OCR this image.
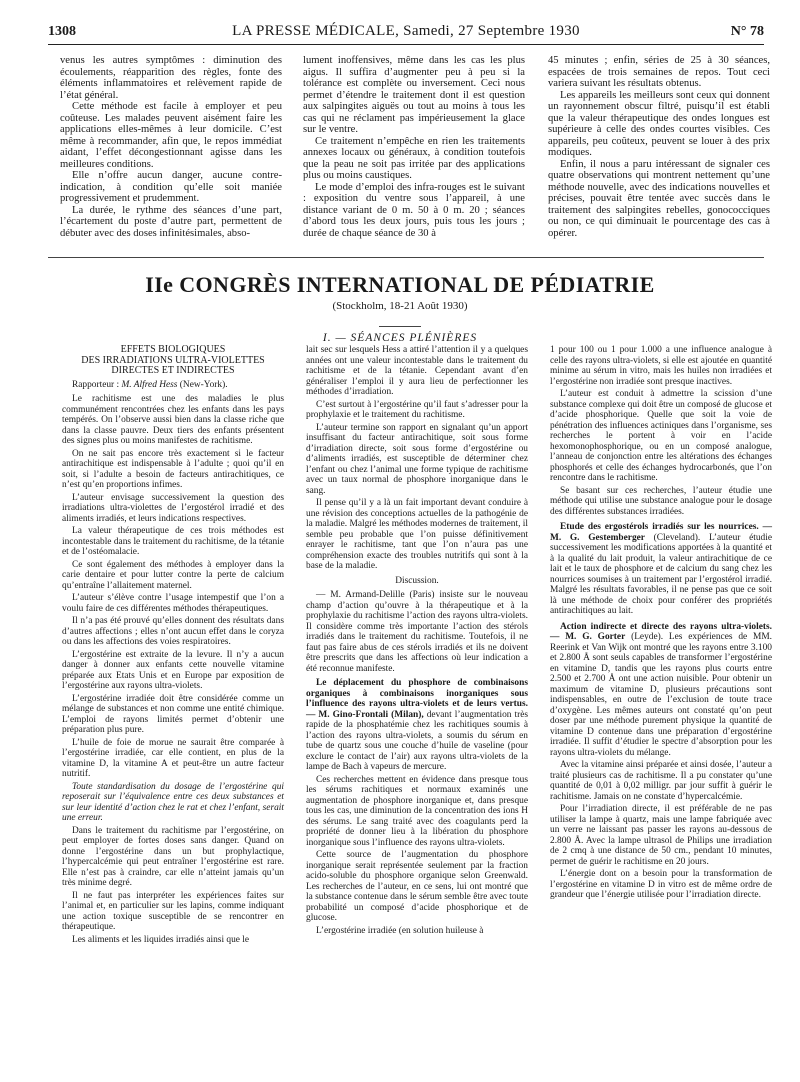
1308	LA PRESSE MÉDICALE, Samedi, 27 Septembre 1930	N° 78

venus les autres symptômes : diminution des écoulements, réapparition des règles, fonte des éléments inflammatoires et relèvement rapide de l’état général.

Cette méthode est facile à employer et peu coûteuse. Les malades peuvent aisément faire les applications elles-mêmes à leur domicile. C’est même à recommander, afin que, le repos immédiat aidant, l’effet décongestionnant agisse dans les meilleures conditions.

Elle n’offre aucun danger, aucune contre-indication, à condition qu’elle soit maniée progressivement et prudemment.

La durée, le rythme des séances d’une part, l’écartement du poste d’autre part, permettent de débuter avec des doses infinitésimales, abso-

lument inoffensives, même dans les cas les plus aigus. Il suffira d’augmenter peu à peu si la tolérance est complète ou inversement. Ceci nous permet d’étendre le traitement dont il est question aux salpingites aiguës ou tout au moins à tous les cas qui ne réclament pas impérieusement la glace sur le ventre.

Ce traitement n’empêche en rien les traitements annexes locaux ou généraux, à condition toutefois que la peau ne soit pas irritée par des applications plus ou moins caustiques.

Le mode d’emploi des infra-rouges est le suivant : exposition du ventre sous l’appareil, à une distance variant de 0 m. 50 à 0 m. 20 ; séances d’abord tous les deux jours, puis tous les jours ; durée de chaque séance de 30 à

45 minutes ; enfin, séries de 25 à 30 séances, espacées de trois semaines de repos. Tout ceci variera suivant les résultats obtenus.

Les appareils les meilleurs sont ceux qui donnent un rayonnement obscur filtré, puisqu’il est établi que la valeur thérapeutique des ondes longues est supérieure à celle des ondes courtes visibles. Ces appareils, peu coûteux, peuvent se louer à des prix modiques.

Enfin, il nous a paru intéressant de signaler ces quatre observations qui montrent nettement qu’une méthode nouvelle, avec des indications nouvelles et précises, pouvait être tentée avec succès dans le traitement des salpingites rebelles, gonococciques ou non, ce qui diminuait le pourcentage des cas à opérer.

IIe CONGRÈS INTERNATIONAL DE PÉDIATRIE
(Stockholm, 18-21 Août 1930)
I. — SÉANCES PLÉNIÈRES

EFFETS BIOLOGIQUES

DES IRRADIATIONS ULTRA-VIOLETTES

DIRECTES ET INDIRECTES

Rapporteur : M. Alfred Hess (New-York).

Le rachitisme est une des maladies le plus communément rencontrées chez les enfants dans les pays tempérés. On l’observe aussi bien dans la classe riche que dans la classe pauvre. Deux tiers des enfants présentent des signes plus ou moins manifestes de rachitisme.

On ne sait pas encore très exactement si le facteur antirachitique est indispensable à l’adulte ; quoi qu’il en soit, si l’adulte a besoin de facteurs antirachitiques, ce n’est qu’en proportions infimes.

L’auteur envisage successivement la question des irradiations ultra-violettes de l’ergostérol irradié et des aliments irradiés, et leurs indications respectives.

La valeur thérapeutique de ces trois méthodes est incontestable dans le traitement du rachitisme, de la tétanie et de l’ostéomalacie.

Ce sont également des méthodes à employer dans la carie dentaire et pour lutter contre la perte de calcium qu’entraîne l’allaitement maternel.

L’auteur s’élève contre l’usage intempestif que l’on a voulu faire de ces différentes méthodes thérapeutiques.

Il n’a pas été prouvé qu’elles donnent des résultats dans d’autres affections ; elles n’ont aucun effet dans le coryza ou dans les affections des voies respiratoires.

L’ergostérine est extraite de la levure. Il n’y a aucun danger à donner aux enfants cette nouvelle vitamine préparée aux Etats Unis et en Europe par exposition de l’ergostérine aux rayons ultra-violets.

L’ergostérine irradiée doit être considérée comme un mélange de substances et non comme une entité chimique. L’emploi de rayons limités permet d’obtenir une préparation plus pure.

L’huile de foie de morue ne saurait être comparée à l’ergostérine irradiée, car elle contient, en plus de la vitamine D, la vitamine A et peut-être un autre facteur nutritif.

Toute standardisation du dosage de l’ergostérine qui reposerait sur l’équivalence entre ces deux substances et sur leur identité d’action chez le rat et chez l’enfant, serait une erreur.

Dans le traitement du rachitisme par l’ergostérine, on peut employer de fortes doses sans danger. Quand on donne l’ergostérine dans un but prophylactique, l’hypercalcémie qui peut entraîner l’ergostérine est rare. Elle n’est pas à craindre, car elle n’atteint jamais qu’un très minime degré.

Il ne faut pas interpréter les expériences faites sur l’animal et, en particulier sur les lapins, comme indiquant une action toxique susceptible de se rencontrer en thérapeutique.

Les aliments et les liquides irradiés ainsi que le

lait sec sur lesquels Hess a attiré l’attention il y a quelques années ont une valeur incontestable dans le traitement du rachitisme et de la tétanie. Cependant avant d’en généraliser l’emploi il y aura lieu de perfectionner les méthodes d’irradiation.

C’est surtout à l’ergostérine qu’il faut s’adresser pour la prophylaxie et le traitement du rachitisme.

L’auteur termine son rapport en signalant qu’un apport insuffisant du facteur antirachitique, soit sous forme d’irradiation directe, soit sous forme d’ergostérine ou d’aliments irradiés, est susceptible de déterminer chez l’enfant ou chez l’animal une forme typique de rachitisme avec un taux normal de phosphore inorganique dans le sang.

Il pense qu’il y a là un fait important devant conduire à une révision des conceptions actuelles de la pathogénie de la maladie. Malgré les méthodes modernes de traitement, il semble peu probable que l’on puisse définitivement enrayer le rachitisme, tant que l’on n’aura pas une compréhension exacte des troubles nutritifs qui sont à la base de la maladie.

Discussion.

— M. Armand-Delille (Paris) insiste sur le nouveau champ d’action qu’ouvre à la thérapeutique et à la prophylaxie du rachitisme l’action des rayons ultra-violets. Il considère comme très importante l’action des stérols irradiés dans le traitement du rachitisme. Toutefois, il ne faut pas faire abus de ces stérols irradiés et ils ne doivent être prescrits que dans les affections où leur indication a été reconnue manifeste.

Le déplacement du phosphore de combinaisons organiques à combinaisons inorganiques sous l’influence des rayons ultra-violets et de leurs vertus. — M. Gino-Frontali (Milan), devant l’augmentation très rapide de la phosphatémie chez les rachitiques soumis à l’action des rayons ultra-violets, a soumis du sérum en tube de quartz sous une couche d’huile de vaseline (pour exclure le contact de l’air) aux rayons ultra-violets de la lampe de Bach à vapeurs de mercure.

Ces recherches mettent en évidence dans presque tous les sérums rachitiques et normaux examinés une augmentation de phosphore inorganique et, dans presque tous les cas, une diminution de la concentration des ions H des sérums. Le sang traité avec des coagulants perd la propriété de donner lieu à la libération du phosphore inorganique sous l’influence des rayons ultra-violets.

Cette source de l’augmentation du phosphore inorganique serait représentée seulement par la fraction acido-soluble du phosphore organique selon Greenwald. Les recherches de l’auteur, en ce sens, lui ont montré que la substance contenue dans le sérum semble être avec toute probabilité un composé d’acide phosphorique et de glucose.

L’ergostérine irradiée (en solution huileuse à

1 pour 100 ou 1 pour 1.000 a une influence analogue à celle des rayons ultra-violets, si elle est ajoutée en quantité minime au sérum in vitro, mais les huiles non irradiées et l’ergostérine non irradiée sont presque inactives.

L’auteur est conduit à admettre la scission d’une substance complexe qui doit être un composé de glucose et d’acide phosphorique. Quelle que soit la voie de pénétration des influences actiniques dans l’organisme, ses recherches le portent à voir en l’acide hexomonophosphorique, ou en un composé analogue, l’anneau de conjonction entre les altérations des échanges phosphorés et celle des échanges hydrocarbonés, que l’on rencontre dans le rachitisme.

Se basant sur ces recherches, l’auteur étudie une méthode qui utilise une substance analogue pour le dosage des différentes substances irradiées.

Etude des ergostérols irradiés sur les nourrices. — M. G. Gestemberger (Cleveland). L’auteur étudie successivement les modifications apportées à la quantité et à la qualité du lait produit, la valeur antirachitique de ce lait et le taux de phosphore et de calcium du sang chez les nourrices soumises à un traitement par l’ergostérol irradié. Malgré les résultats favorables, il ne pense pas que ce soit là une méthode de choix pour conférer des propriétés antirachitiques au lait.

Action indirecte et directe des rayons ultra-violets. — M. G. Gorter (Leyde). Les expériences de MM. Reerink et Van Wijk ont montré que les rayons entre 3.100 et 2.800 Å sont seuls capables de transformer l’ergostérine en vitamine D, tandis que les rayons plus courts entre 2.500 et 2.700 Å ont une action nuisible. Pour obtenir un maximum de vitamine D, plusieurs précautions sont indispensables, en outre de l’exclusion de toute trace d’oxygène. Les mêmes auteurs ont constaté qu’on peut doser par une méthode purement physique la quantité de vitamine D contenue dans une préparation d’ergostérine irradiée. Il suffit d’étudier le spectre d’absorption pour les rayons ultra-violets du mélange.

Avec la vitamine ainsi préparée et ainsi dosée, l’auteur a traité plusieurs cas de rachitisme. Il a pu constater qu’une quantité de 0,01 à 0,02 milligr. par jour suffit à guérir le rachitisme. Jamais on ne constate d’hypercalcémie.

Pour l’irradiation directe, il est préférable de ne pas utiliser la lampe à quartz, mais une lampe fabriquée avec un verre ne laissant pas passer les rayons au-dessous de 2.800 Å. Avec la lampe ultrasol de Philips une irradiation de 2 cmq à une distance de 50 cm., pendant 10 minutes, permet de guérir le rachitisme en 20 jours.

L’énergie dont on a besoin pour la transformation de l’ergostérine en vitamine D in vitro est de même ordre de grandeur que l’énergie utilisée pour l’irradiation directe.
